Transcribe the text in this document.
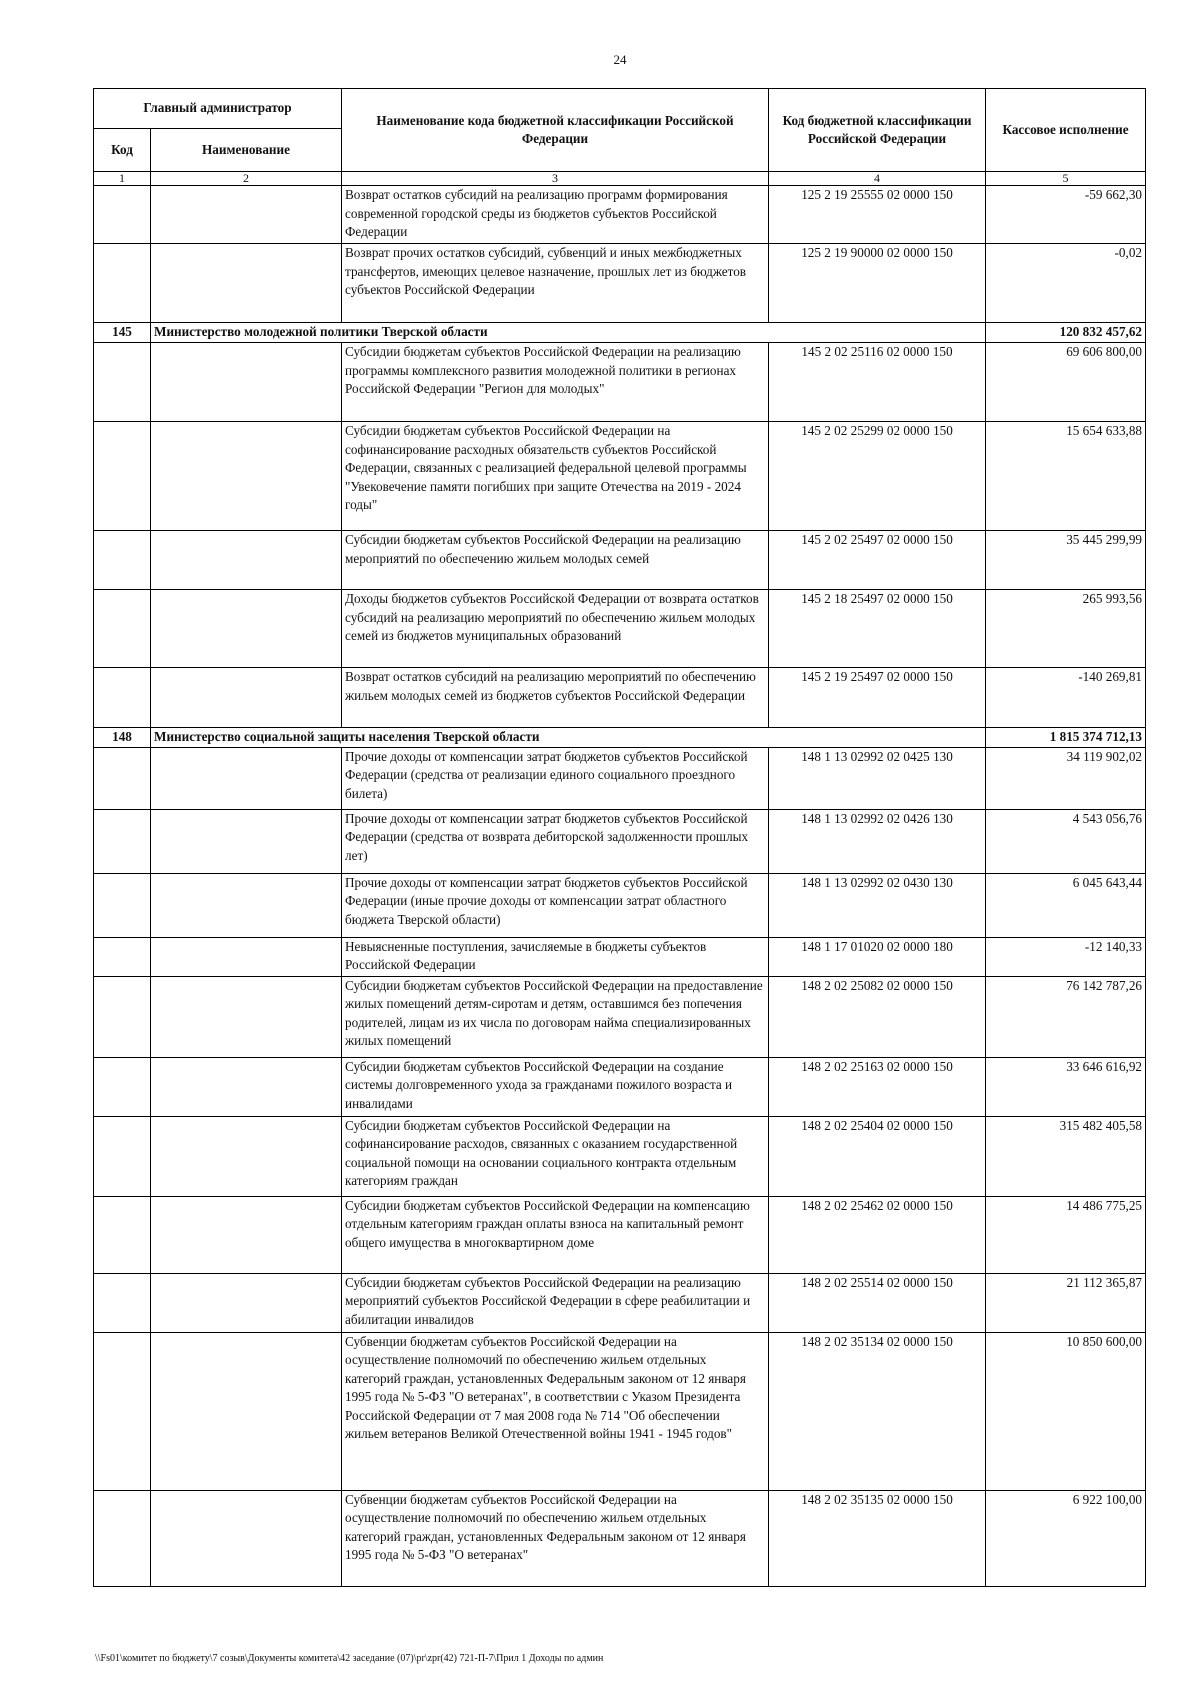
24
Главный администратор		Наименование кода бюджетной классификации Российской Федерации	Код бюджетной классификации Российской Федерации	Кассовое исполнение
Код	Наименование			
1	2	3	4	5
		Возврат остатков субсидий на реализацию программ формирования современной городской среды из бюджетов субъектов Российской Федерации	125 2 19 25555 02 0000 150	-59 662,30
		Возврат прочих остатков субсидий, субвенций и иных межбюджетных трансфертов, имеющих целевое назначение, прошлых лет из бюджетов субъектов Российской Федерации	125 2 19 90000 02 0000 150	-0,02
145	Министерство молодежной политики Тверской области			120 832 457,62
		Субсидии бюджетам субъектов Российской Федерации на реализацию программы комплексного развития молодежной политики в регионах Российской Федерации "Регион для молодых"	145 2 02 25116 02 0000 150	69 606 800,00
		Субсидии бюджетам субъектов Российской Федерации на софинансирование расходных обязательств субъектов Российской Федерации, связанных с реализацией федеральной целевой программы "Увековечение памяти погибших при защите Отечества на 2019 - 2024 годы"	145 2 02 25299 02 0000 150	15 654 633,88
		Субсидии бюджетам субъектов Российской Федерации на реализацию мероприятий по обеспечению жильем молодых семей	145 2 02 25497 02 0000 150	35 445 299,99
		Доходы бюджетов субъектов Российской Федерации от возврата остатков субсидий на реализацию мероприятий по обеспечению жильем молодых семей из бюджетов муниципальных образований	145 2 18 25497 02 0000 150	265 993,56
		Возврат остатков субсидий на реализацию мероприятий по обеспечению жильем молодых семей из бюджетов субъектов Российской Федерации	145 2 19 25497 02 0000 150	-140 269,81
148	Министерство социальной защиты населения Тверской области			1 815 374 712,13
		Прочие доходы от компенсации затрат бюджетов субъектов Российской Федерации (средства от реализации единого социального проездного билета)	148 1 13 02992 02 0425 130	34 119 902,02
		Прочие доходы от компенсации затрат бюджетов субъектов Российской Федерации (средства от возврата дебиторской задолженности прошлых лет)	148 1 13 02992 02 0426 130	4 543 056,76
		Прочие доходы от компенсации затрат бюджетов субъектов Российской Федерации (иные прочие доходы от компенсации затрат областного бюджета Тверской области)	148 1 13 02992 02 0430 130	6 045 643,44
		Невыясненные поступления, зачисляемые в бюджеты субъектов Российской Федерации	148 1 17 01020 02 0000 180	-12 140,33
		Субсидии бюджетам субъектов Российской Федерации на предоставление жилых помещений детям-сиротам и детям, оставшимся без попечения родителей, лицам из их числа по договорам найма специализированных жилых помещений	148 2 02 25082 02 0000 150	76 142 787,26
		Субсидии бюджетам субъектов Российской Федерации на создание системы долговременного ухода за гражданами пожилого возраста и инвалидами	148 2 02 25163 02 0000 150	33 646 616,92
		Субсидии бюджетам субъектов Российской Федерации на софинансирование расходов, связанных с оказанием государственной социальной помощи на основании социального контракта отдельным категориям граждан	148 2 02 25404 02 0000 150	315 482 405,58
		Субсидии бюджетам субъектов Российской Федерации на компенсацию отдельным категориям граждан оплаты взноса на капитальный ремонт общего имущества в многоквартирном доме	148 2 02 25462 02 0000 150	14 486 775,25
		Субсидии бюджетам субъектов Российской Федерации на реализацию мероприятий субъектов Российской Федерации в сфере реабилитации и абилитации инвалидов	148 2 02 25514 02 0000 150	21 112 365,87
		Субвенции бюджетам субъектов Российской Федерации на осуществление полномочий по обеспечению жильем отдельных категорий граждан, установленных Федеральным законом от 12 января 1995 года № 5-ФЗ "О ветеранах", в соответствии с Указом Президента Российской Федерации от 7 мая 2008 года № 714 "Об обеспечении жильем ветеранов Великой Отечественной войны 1941 - 1945 годов"	148 2 02 35134 02 0000 150	10 850 600,00
		Субвенции бюджетам субъектов Российской Федерации на осуществление полномочий по обеспечению жильем отдельных категорий граждан, установленных Федеральным законом от 12 января 1995 года № 5-ФЗ "О ветеранах"	148 2 02 35135 02 0000 150	6 922 100,00
\\Fs01\комитет по бюджету\7 созыв\Документы комитета\42 заседание (07)\pr\zpr(42) 721-П-7\Прил 1 Доходы по админ
